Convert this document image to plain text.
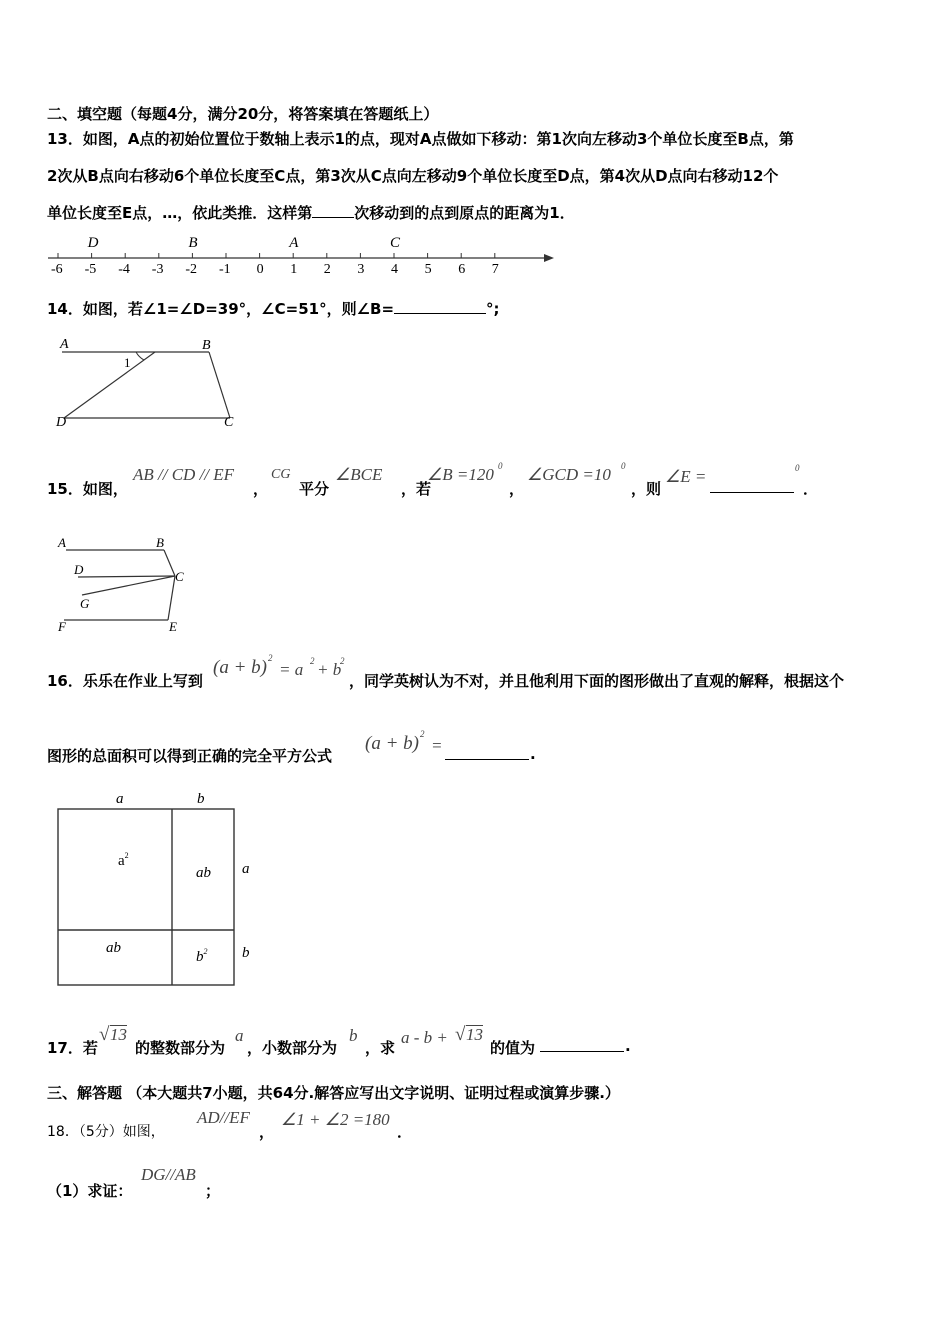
二、填空题（每题4分，满分20分，将答案填在答题纸上）
13．如图，A点的初始位置位于数轴上表示1的点，现对A点做如下移动：第1次向左移动3个单位长度至B点，第
2次从B点向右移动6个单位长度至C点，第3次从C点向左移动9个单位长度至D点，第4次从D点向右移动12个
单位长度至E点，…，依此类推．这样第	次移动到的点到原点的距离为1．
-6 -5 -4 -3 -2 -1 0 1 2 3 4 5 6 7
D	B	A	C
14．如图，若∠1=∠D=39°，∠C=51°，则∠B=	°;
A	B
C
D
1
15．如图，
AB // CD // EF
，
CG
平分
∠BCE
，若
∠B =120 0
，
∠GCD =10 0
，则
∠E =	0
．
A	B
C
D
G
F	E
16．乐乐在作业上写到
(a + b) 2
= a 2 + b
2
，同学英树认为不对，并且他利用下面的图形做出了直观的解释，根据这个
图形的总面积可以得到正确的完全平方公式
(a + b) 2
=	.
a	b
$a^2$
ab
ab
$b^2$
a
b
17．若
√ 13
的整数部分为
a
，小数部分为
b
，求
a - b + √ 13
的值为	.
三、解答题 （本大题共7小题，共64分.解答应写出文字说明、证明过程或演算步骤.）
18．（5分）如图，
AD//EF
，
∠1 + ∠2 =180
．
（1）求证：
DG//AB
；
